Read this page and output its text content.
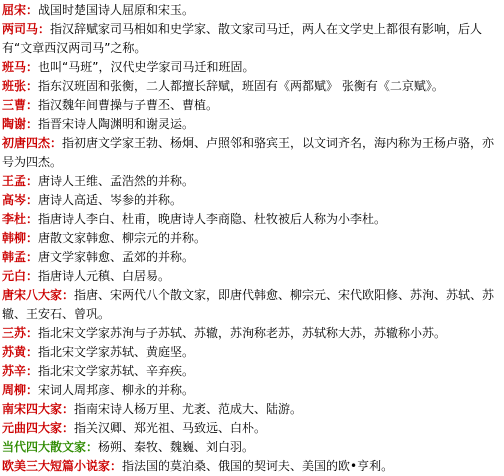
屈宋：战国时楚国诗人屈原和宋玉。

两司马：指汉辞赋家司马相如和史学家、散文家司马迁，两人在文学史上都很有影响，后人有“文章西汉两司马”之称。

班马：也叫“马班”，汉代史学家司马迁和班固。

班张：指东汉班固和张衡，二人都擅长辞赋，班固有《两都赋》 张衡有《二京赋》。

三曹：指汉魏年间曹操与子曹丕、曹植。

陶谢：指晋宋诗人陶渊明和谢灵运。

初唐四杰：指初唐文学家王勃、杨炯、卢照邻和骆宾王，以文词齐名，海内称为王杨卢骆，亦号为四杰。

王孟：唐诗人王维、孟浩然的并称。

高岑：唐诗人高适、岑参的并称。

李杜：指唐诗人李白、杜甫，晚唐诗人李商隐、杜牧被后人称为小李杜。

韩柳：唐散文家韩愈、柳宗元的并称。

韩孟：唐文学家韩愈、孟郊的并称。

元白：指唐诗人元稹、白居易。

唐宋八大家：指唐、宋两代八个散文家，即唐代韩愈、柳宗元、宋代欧阳修、苏洵、苏轼、苏辙、王安石、曾巩。

三苏：指北宋文学家苏洵与子苏轼、苏辙，苏洵称老苏，苏轼称大苏，苏辙称小苏。

苏黄：指北宋文学家苏轼、黄庭坚。

苏辛：指北宋文学家苏轼、辛弃疾。

周柳：宋词人周邦彦、柳永的并称。

南宋四大家：指南宋诗人杨万里、尤袤、范成大、陆游。

元曲四大家：指关汉卿、郑光祖、马致远、白朴。

当代四大散文家：杨朔、秦牧、魏巍、刘白羽。

欧美三大短篇小说家：指法国的莫泊桑、俄国的契诃夫、美国的欧•亨利。
